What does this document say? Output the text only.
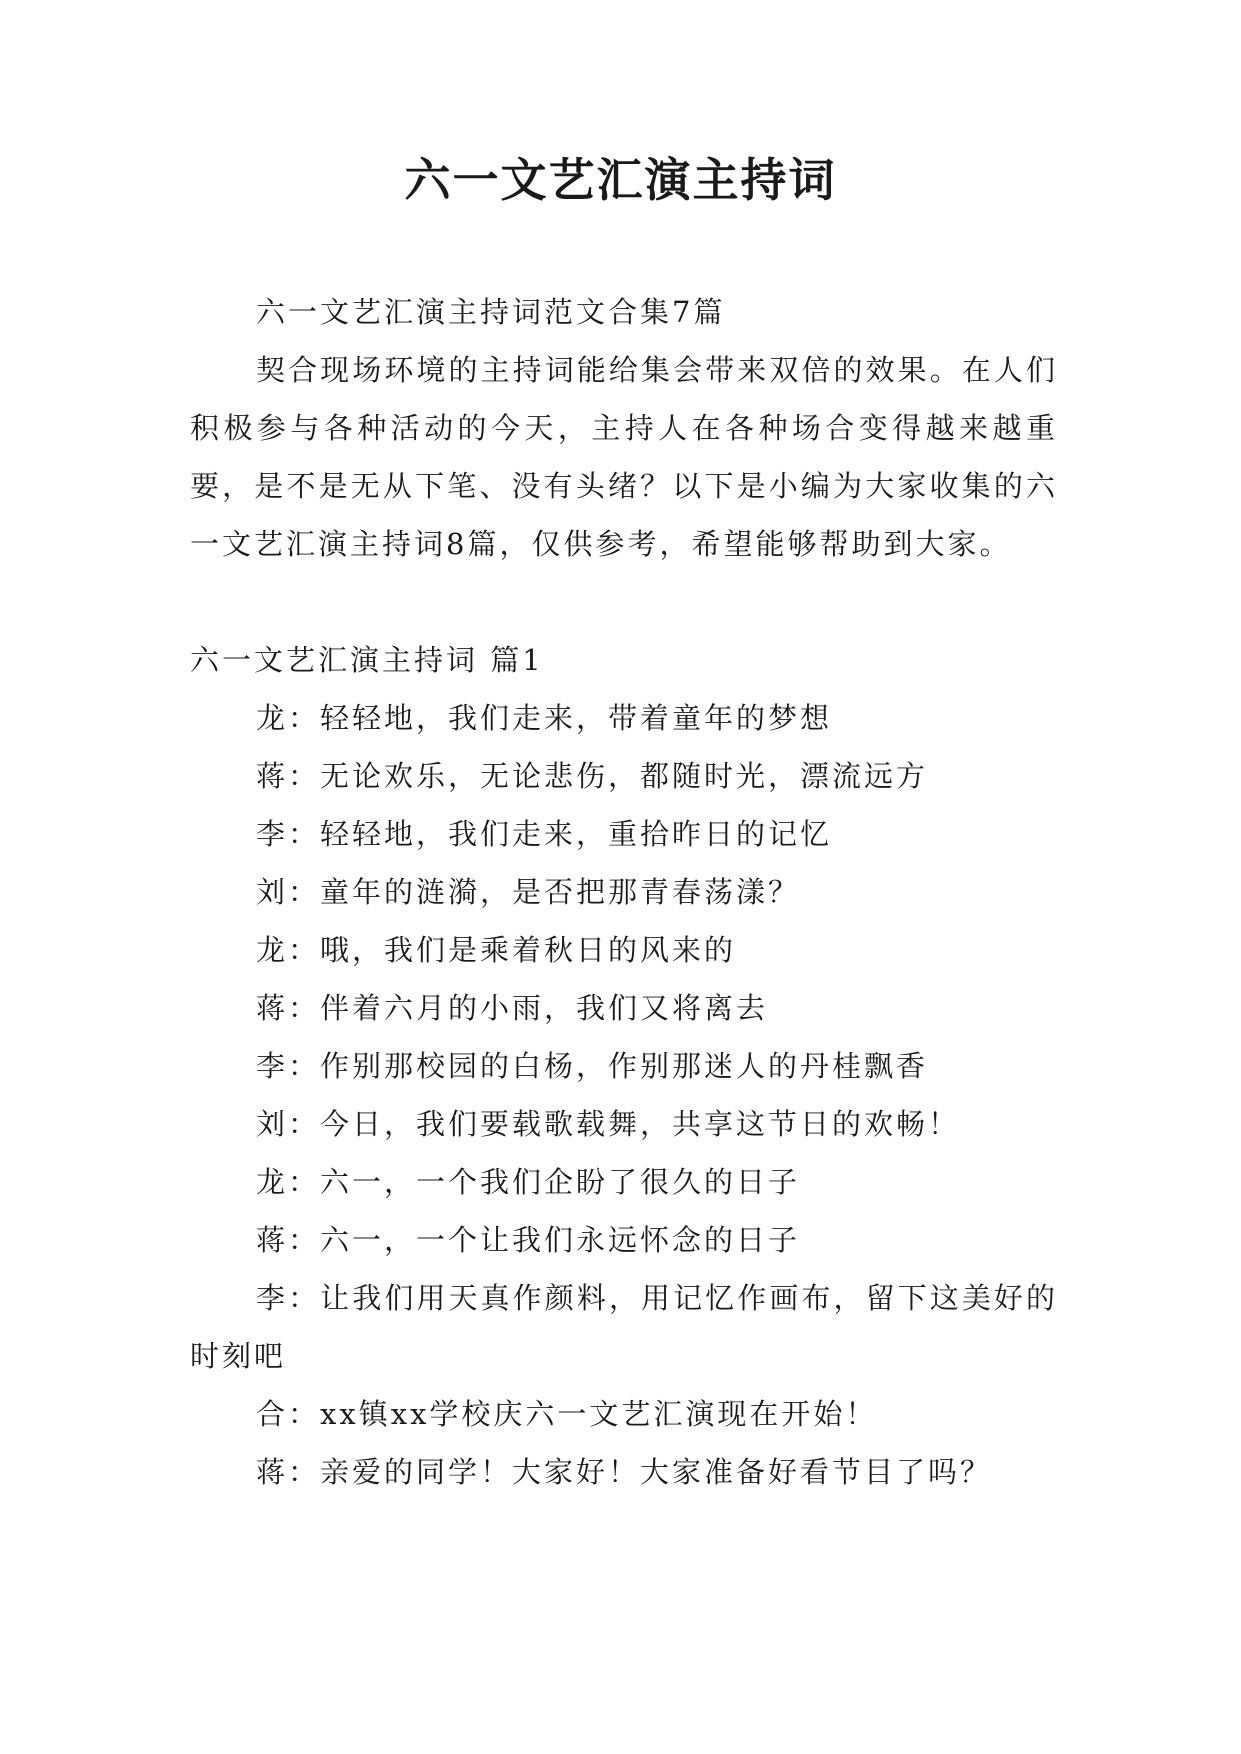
六一文艺汇演主持词

六一文艺汇演主持词范文合集7篇

契合现场环境的主持词能给集会带来双倍的效果。在人们积极参与各种活动的今天，主持人在各种场合变得越来越重要，是不是无从下笔、没有头绪？以下是小编为大家收集的六一文艺汇演主持词8篇，仅供参考，希望能够帮助到大家。

六一文艺汇演主持词 篇1

龙：轻轻地，我们走来，带着童年的梦想

蒋：无论欢乐，无论悲伤，都随时光，漂流远方

李：轻轻地，我们走来，重拾昨日的记忆

刘：童年的涟漪，是否把那青春荡漾？

龙：哦，我们是乘着秋日的风来的

蒋：伴着六月的小雨，我们又将离去

李：作别那校园的白杨，作别那迷人的丹桂飘香

刘：今日，我们要载歌载舞，共享这节日的欢畅！

龙：六一，一个我们企盼了很久的日子

蒋：六一，一个让我们永远怀念的日子

李：让我们用天真作颜料，用记忆作画布，留下这美好的时刻吧

合：xx镇xx学校庆六一文艺汇演现在开始！

蒋：亲爱的同学！大家好！大家准备好看节目了吗？
